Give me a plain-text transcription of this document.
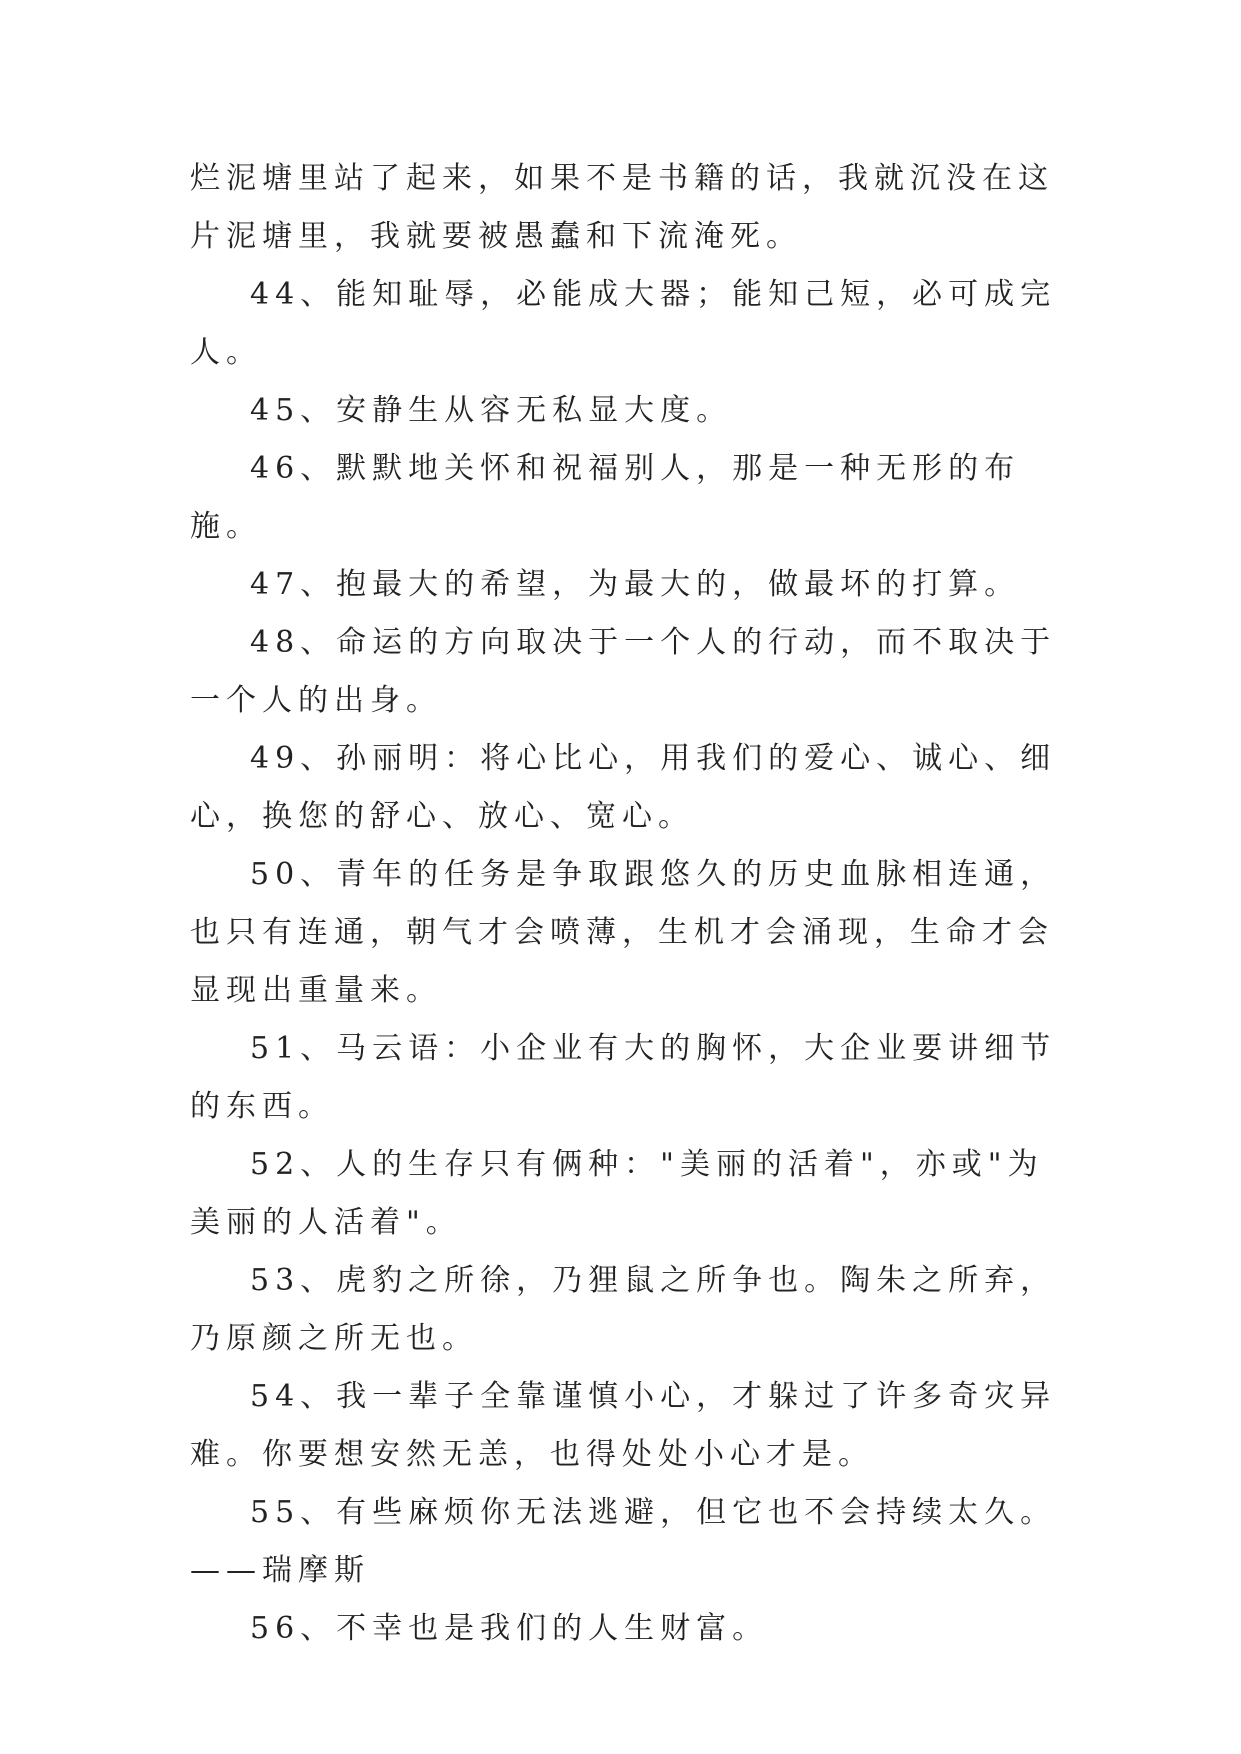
烂泥塘里站了起来，如果不是书籍的话，我就沉没在这片泥塘里，我就要被愚蠢和下流淹死。

44、能知耻辱，必能成大器；能知己短，必可成完人。

45、安静生从容无私显大度。

46、默默地关怀和祝福别人，那是一种无形的布施。

47、抱最大的希望，为最大的，做最坏的打算。

48、命运的方向取决于一个人的行动，而不取决于一个人的出身。

49、孙丽明：将心比心，用我们的爱心、诚心、细心，换您的舒心、放心、宽心。

50、青年的任务是争取跟悠久的历史血脉相连通，也只有连通，朝气才会喷薄，生机才会涌现，生命才会显现出重量来。

51、马云语：小企业有大的胸怀，大企业要讲细节的东西。

52、人的生存只有俩种："美丽的活着"，亦或"为美丽的人活着"。

53、虎豹之所徐，乃狸鼠之所争也。陶朱之所弃，乃原颜之所无也。

54、我一辈子全靠谨慎小心，才躲过了许多奇灾异难。你要想安然无恙，也得处处小心才是。

55、有些麻烦你无法逃避，但它也不会持续太久。——瑞摩斯

56、不幸也是我们的人生财富。
